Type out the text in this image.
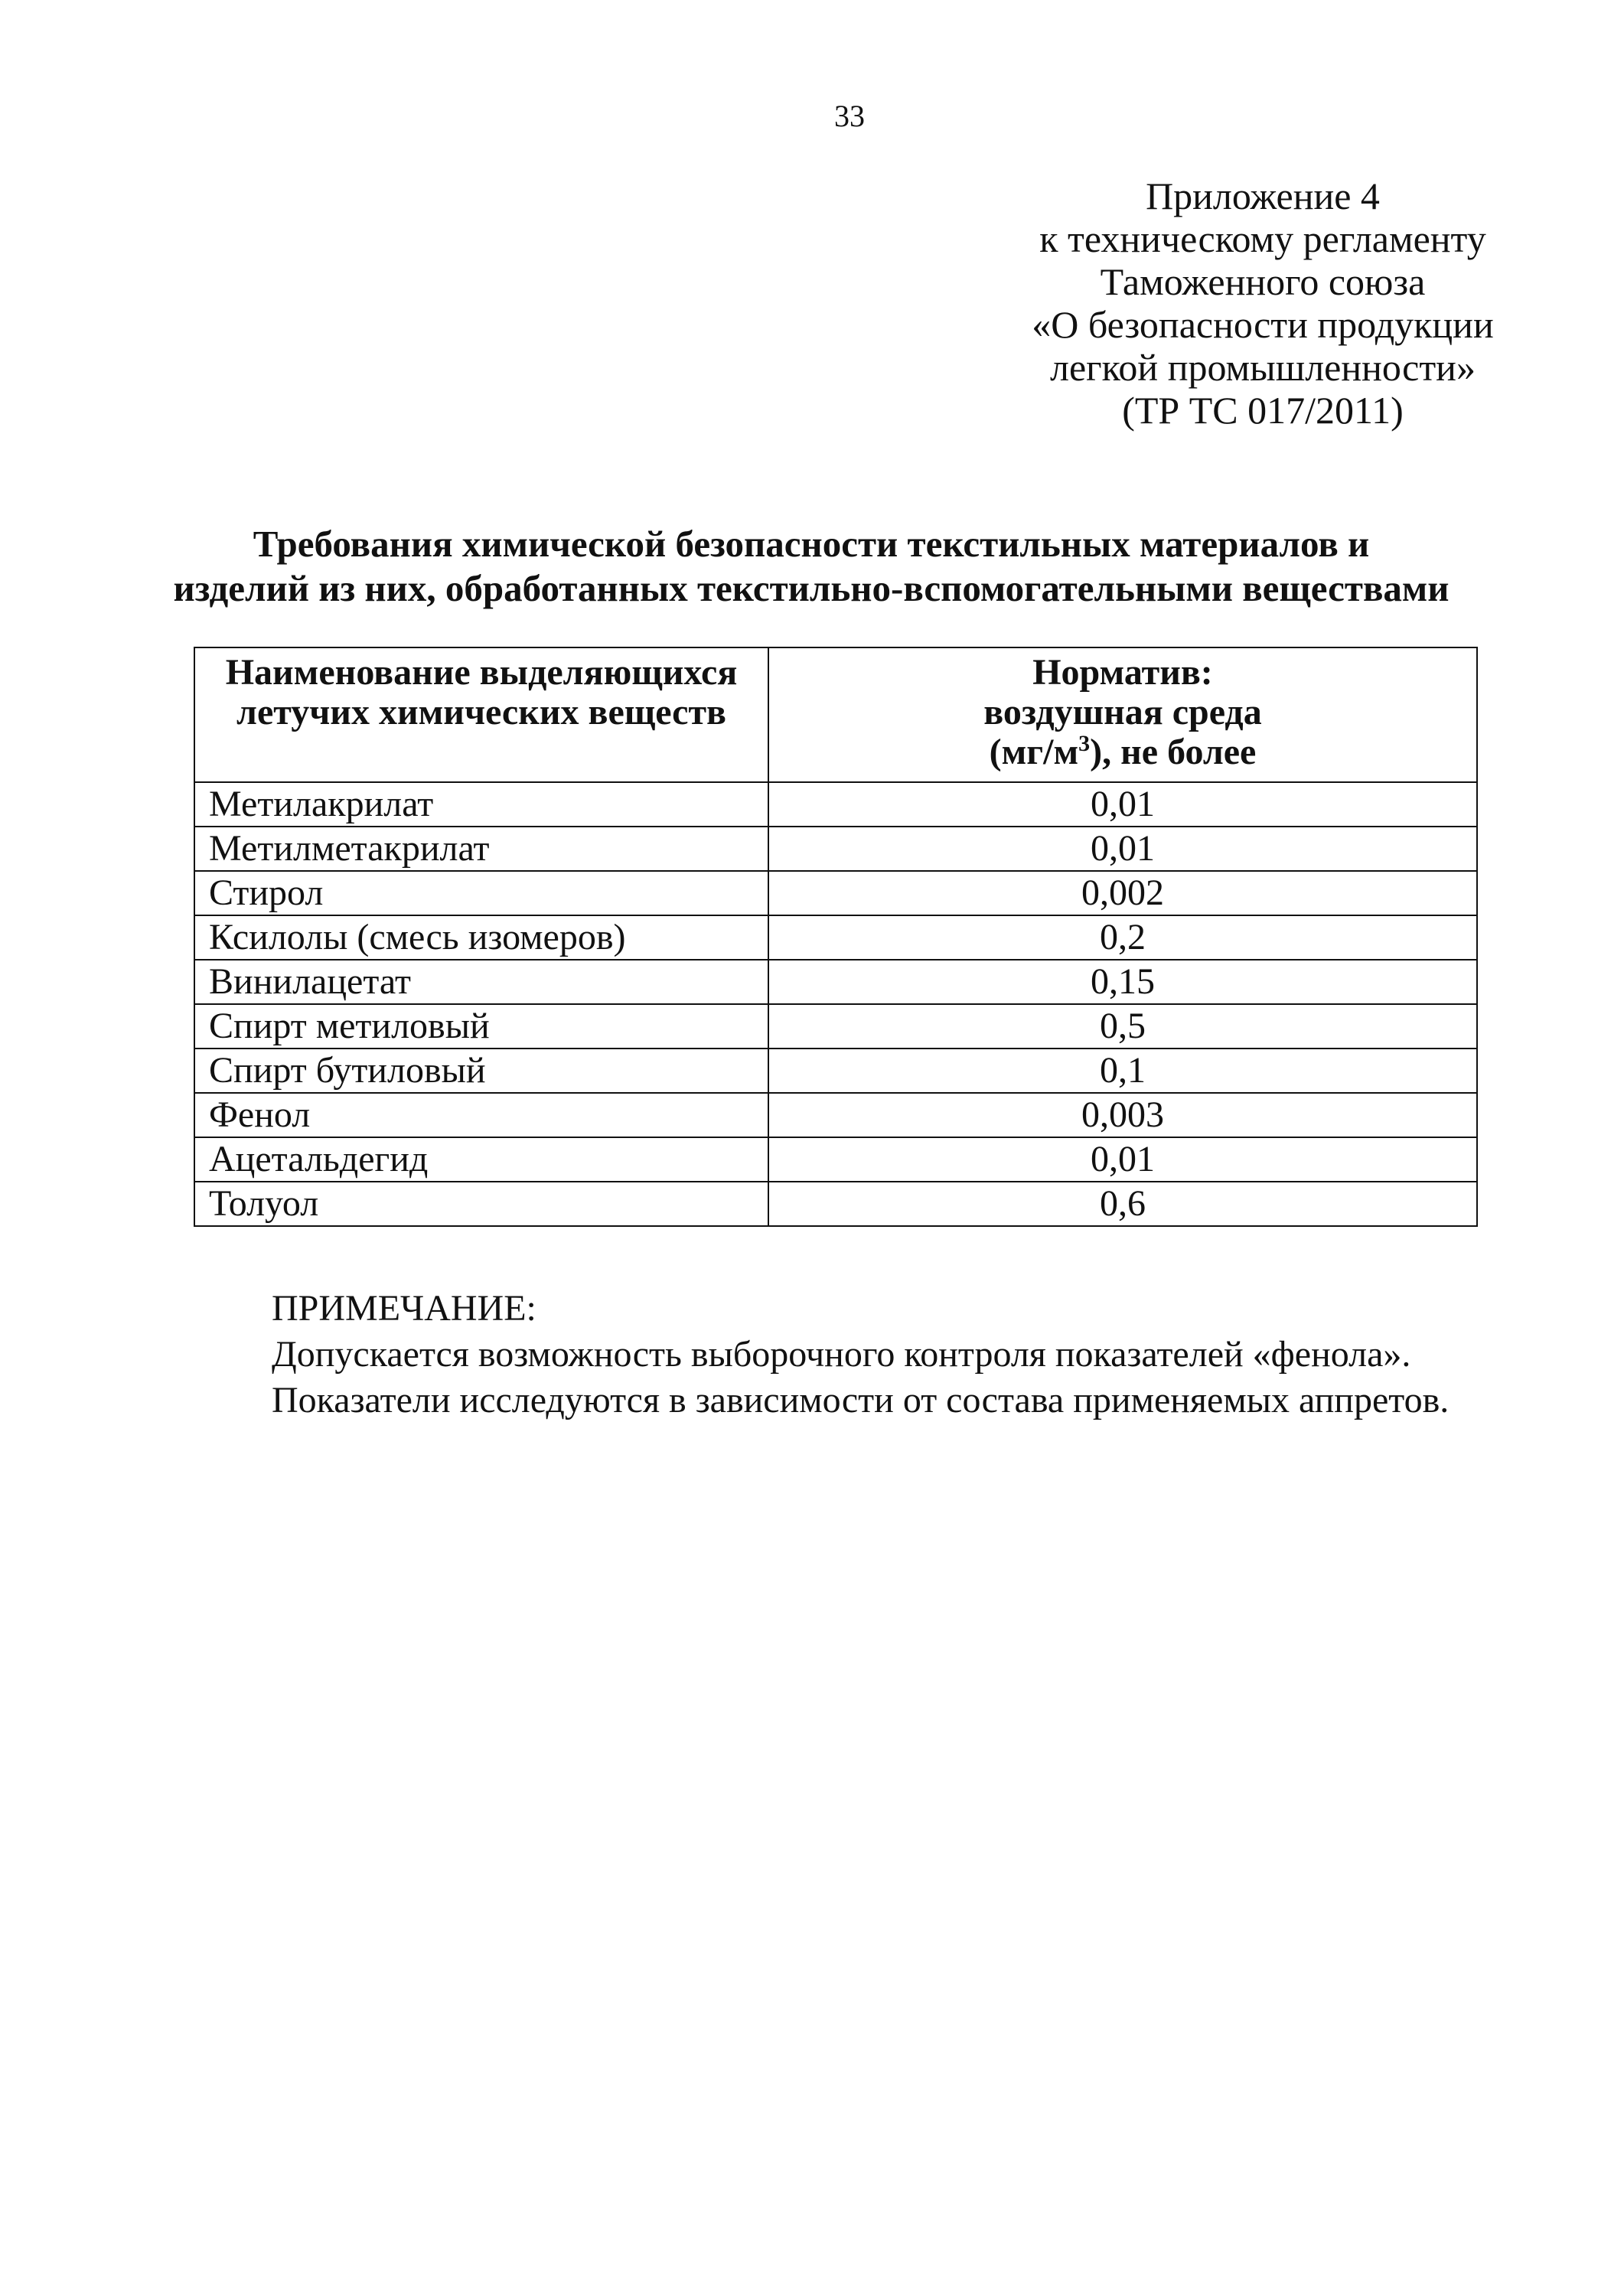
33
Приложение 4
к техническому регламенту
Таможенного союза
«О безопасности продукции
легкой промышленности»
(ТР ТС 017/2011)
Требования химической безопасности текстильных материалов и
изделий из них, обработанных текстильно-вспомогательными веществами
Наименование выделяющихся
летучих химических веществ	Норматив:
воздушная среда
$(мг/м^3)$, не более

Метилакрилат	0,01
Метилметакрилат	0,01
Стирол	0,002
Ксилолы (смесь изомеров)	0,2
Винилацетат	0,15
Спирт метиловый	0,5
Спирт бутиловый	0,1
Фенол	0,003
Ацетальдегид	0,01
Толуол	0,6
ПРИМЕЧАНИЕ:
Допускается возможность выборочного контроля показателей «фенола».
Показатели исследуются в зависимости от состава применяемых аппретов.
